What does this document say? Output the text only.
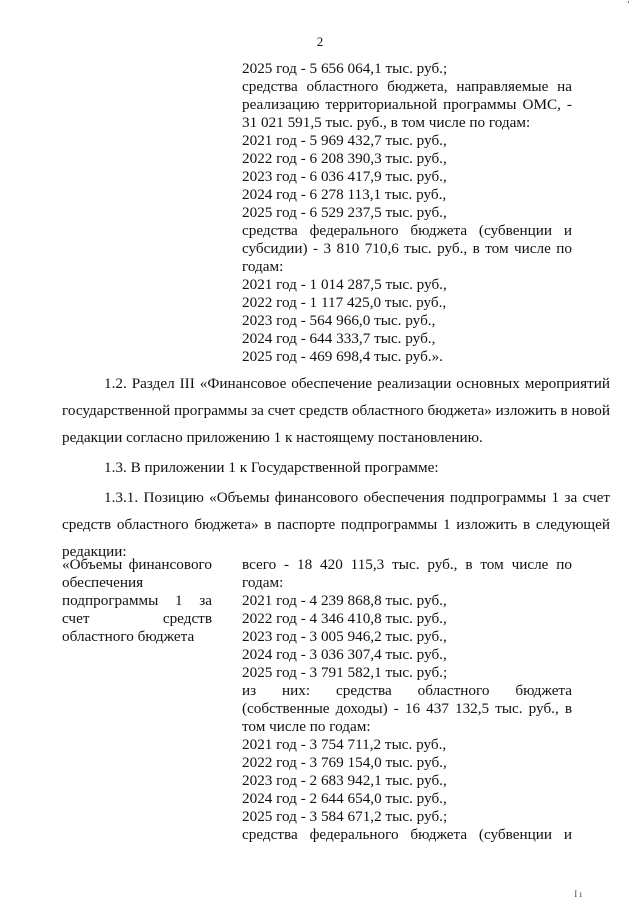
ʼ
2
2025 год - 5 656 064,1 тыс. руб.;
средства областного бюджета, направляемые на
реализацию территориальной программы ОМС, -
31 021 591,5 тыс. руб., в том числе по годам:
2021 год - 5 969 432,7 тыс. руб.,
2022 год - 6 208 390,3 тыс. руб.,
2023 год - 6 036 417,9 тыс. руб.,
2024 год - 6 278 113,1 тыс. руб.,
2025 год - 6 529 237,5 тыс. руб.,
средства федерального бюджета (субвенции и
субсидии) - 3 810 710,6 тыс. руб., в том числе по
годам:
2021 год - 1 014 287,5 тыс. руб.,
2022 год - 1 117 425,0 тыс. руб.,
2023 год - 564 966,0 тыс. руб.,
2024 год - 644 333,7 тыс. руб.,
2025 год - 469 698,4 тыс. руб.».

1.2. Раздел III «Финансовое обеспечение реализации основных мероприятий государственной программы за счет средств областного бюджета» изложить в новой редакции согласно приложению 1 к настоящему постановлению.

1.3. В приложении 1 к Государственной программе:

1.3.1. Позицию «Объемы финансового обеспечения подпрограммы 1 за счет средств областного бюджета» в паспорте подпрограммы 1 изложить в следующей редакции:

«Объемы финансового обеспечения подпрограммы 1 за счет средств областного бюджета
всего - 18 420 115,3 тыс. руб., в том числе по годам:
2021 год - 4 239 868,8 тыс. руб.,
2022 год - 4 346 410,8 тыс. руб.,
2023 год - 3 005 946,2 тыс. руб.,
2024 год - 3 036 307,4 тыс. руб.,
2025 год - 3 791 582,1 тыс. руб.;
из них: средства областного бюджета (собственные доходы) - 16 437 132,5 тыс. руб., в том числе по годам:
2021 год - 3 754 711,2 тыс. руб.,
2022 год - 3 769 154,0 тыс. руб.,
2023 год - 2 683 942,1 тыс. руб.,
2024 год - 2 644 654,0 тыс. руб.,
2025 год - 3 584 671,2 тыс. руб.;
средства федерального бюджета (субвенции и
I ı
